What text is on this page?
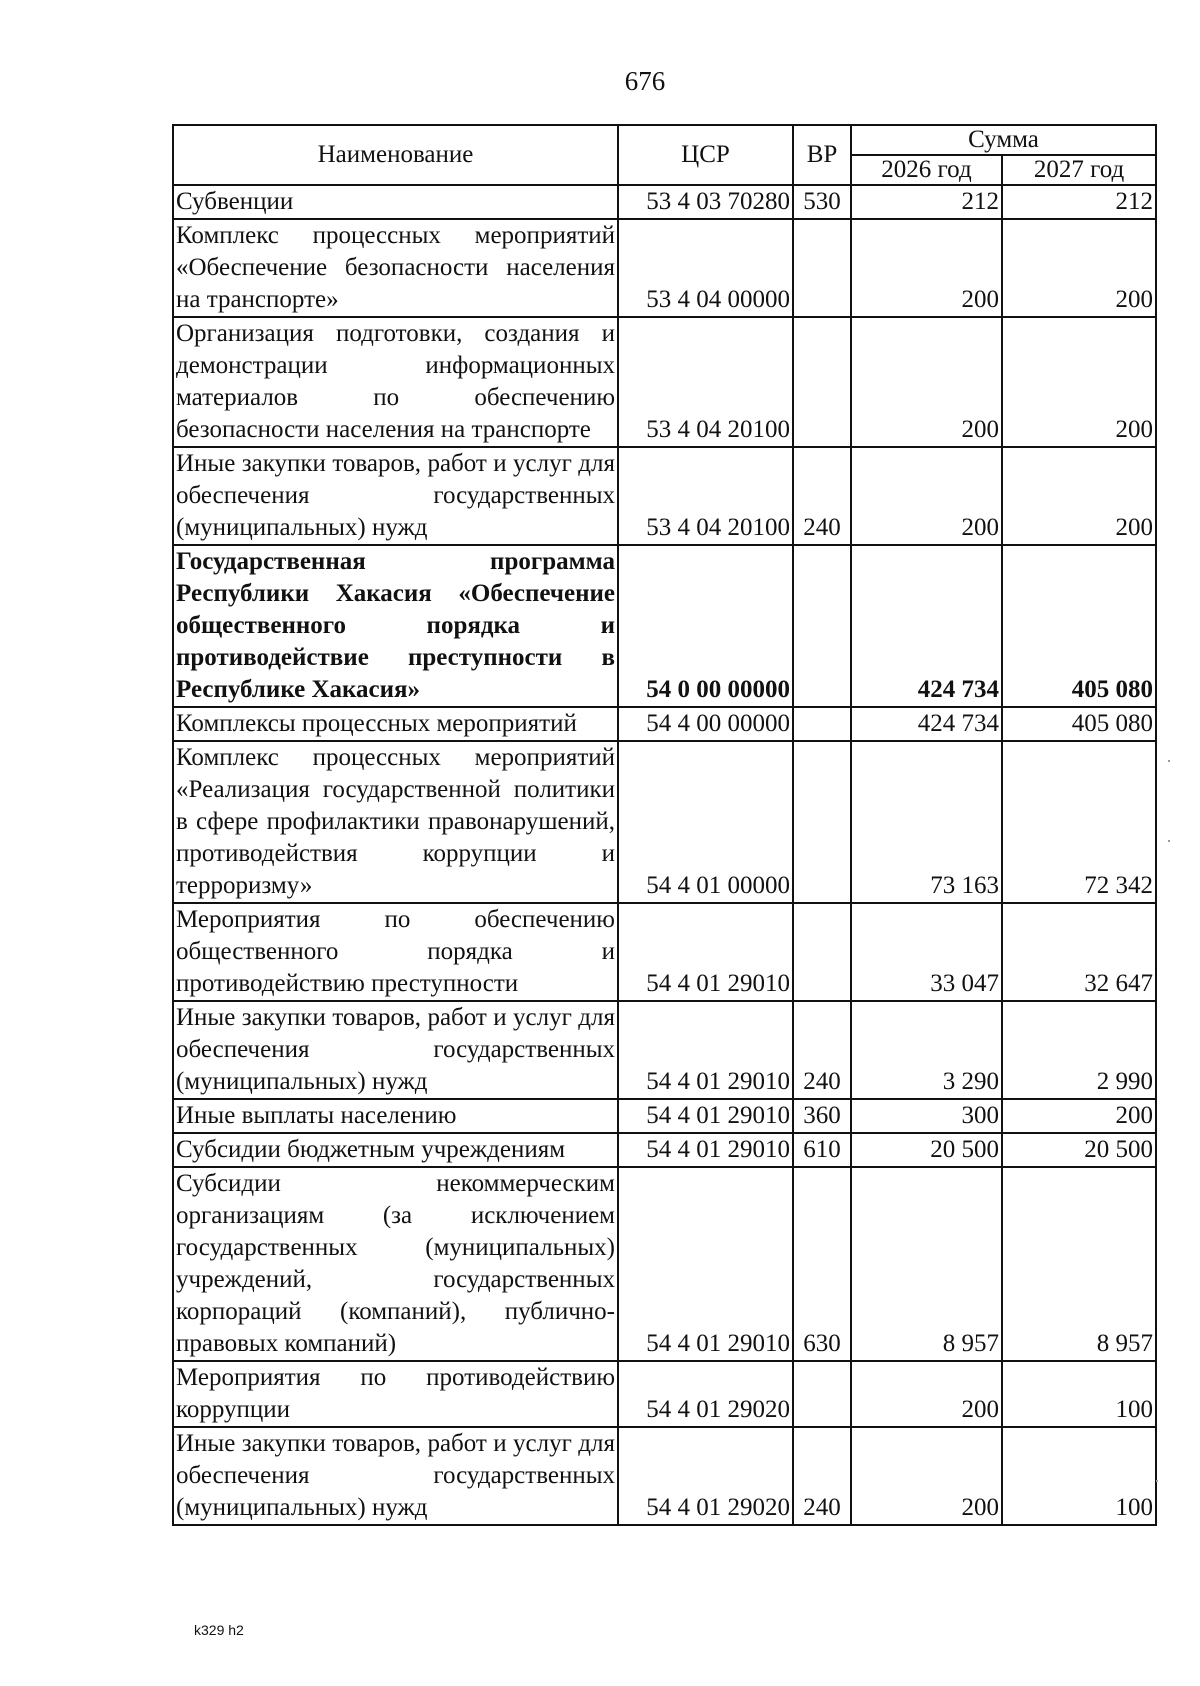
676
Наименование	ЦСР	ВР	Сумма	
			2026 год	2027 год
Субвенции	53 4 03 70280	530	212	212
Комплекс процессных мероприятий «Обеспечение безопасности населения на транспорте»	53 4 04 00000		200	200
Организация подготовки, создания и демонстрации информационных материалов по обеспечению безопасности населения на транспорте	53 4 04 20100		200	200
Иные закупки товаров, работ и услуг для обеспечения государственных (муниципальных) нужд	53 4 04 20100	240	200	200
Государственная программа Республики Хакасия «Обеспечение общественного порядка и противодействие преступности в Республике Хакасия»	54 0 00 00000		424 734	405 080
Комплексы процессных мероприятий	54 4 00 00000		424 734	405 080
Комплекс процессных мероприятий «Реализация государственной политики в сфере профилактики правонарушений, противодействия коррупции и терроризму»	54 4 01 00000		73 163	72 342
Мероприятия по обеспечению общественного порядка и противодействию преступности	54 4 01 29010		33 047	32 647
Иные закупки товаров, работ и услуг для обеспечения государственных (муниципальных) нужд	54 4 01 29010	240	3 290	2 990
Иные выплаты населению	54 4 01 29010	360	300	200
Субсидии бюджетным учреждениям	54 4 01 29010	610	20 500	20 500
Субсидии некоммерческим организациям (за исключением государственных (муниципальных) учреждений, государственных корпораций (компаний), публично-правовых компаний)	54 4 01 29010	630	8 957	8 957
Мероприятия по противодействию коррупции	54 4 01 29020		200	100
Иные закупки товаров, работ и услуг для обеспечения государственных (муниципальных) нужд	54 4 01 29020	240	200	100
k329 h2
